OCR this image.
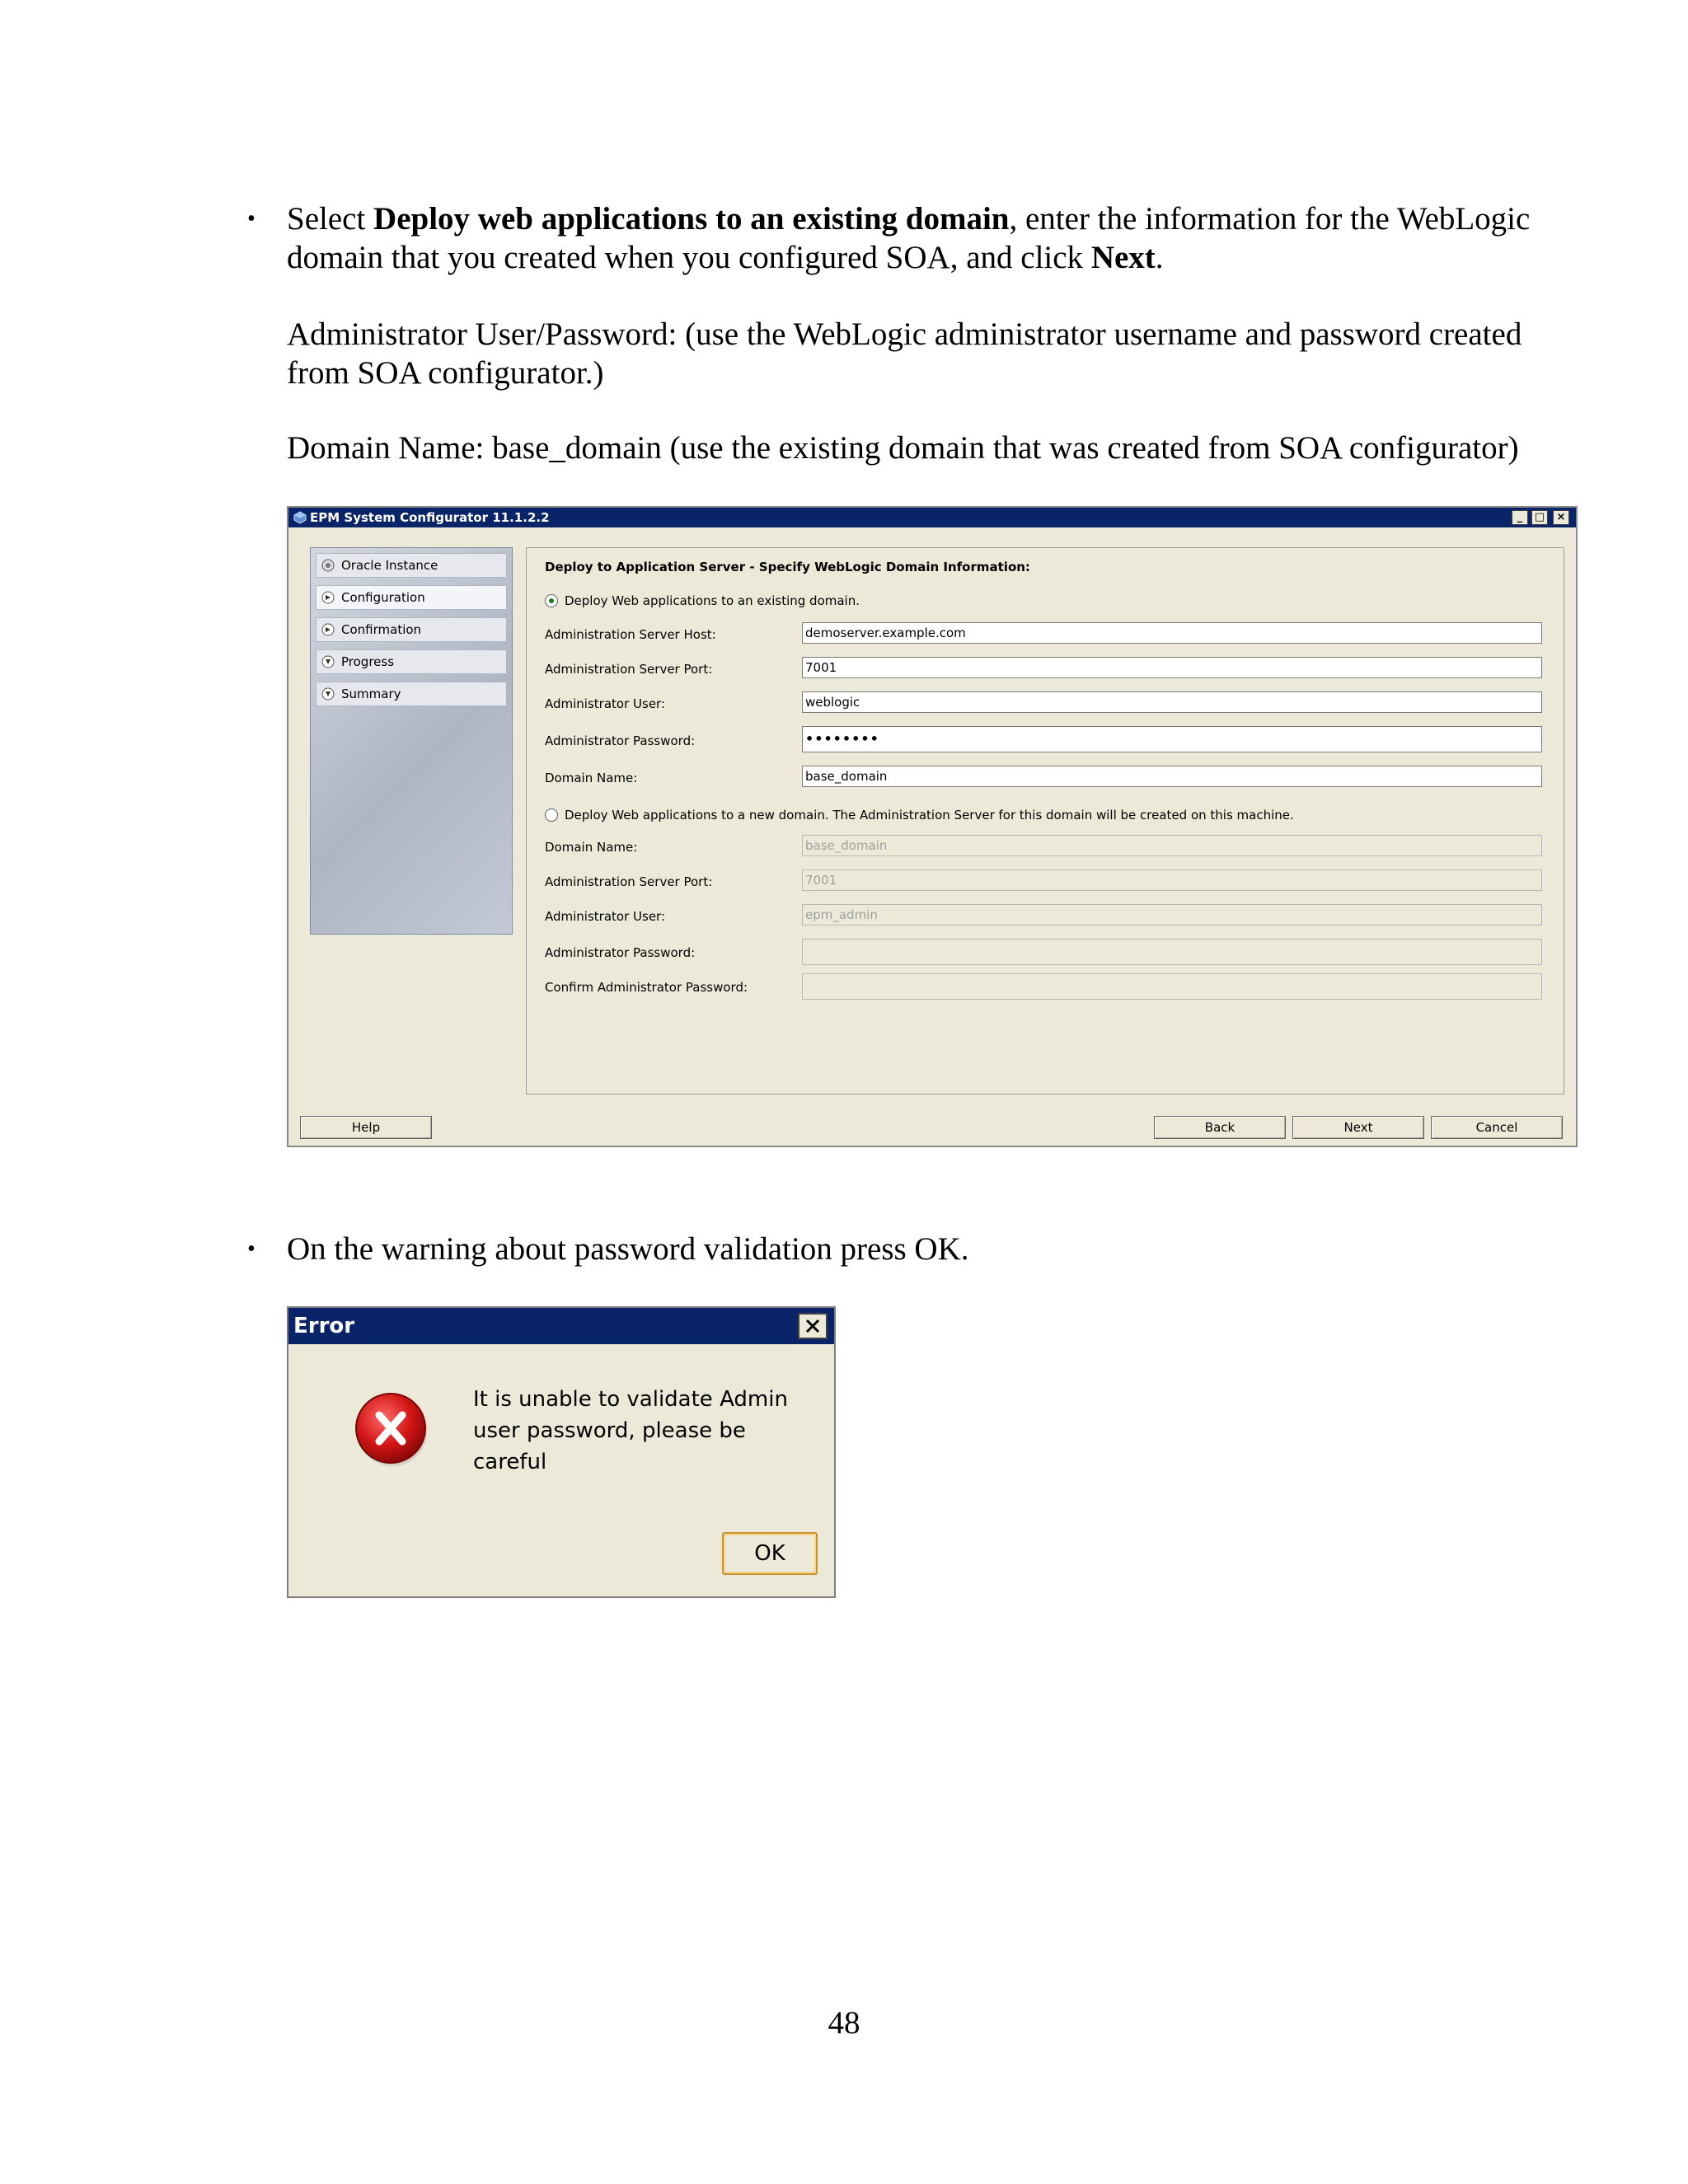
• Select Deploy web applications to an existing domain, enter the information for the WebLogic
domain that you created when you configured SOA, and click Next.
Administrator User/Password: (use the WebLogic administrator username and password created
from SOA configurator.)
Domain Name: base_domain (use the existing domain that was created from SOA configurator)
EPM System Configurator 11.1.2.2	_	□	×
Oracle Instance
Configuration
Confirmation
Progress
Summary
Deploy to Application Server - Specify WebLogic Domain Information:
Deploy Web applications to an existing domain.
Administration Server Host:	demoserver.example.com
Administration Server Port:	7001
Administrator User:	weblogic
Administrator Password:	••••••••
Domain Name:	base_domain
Deploy Web applications to a new domain. The Administration Server for this domain will be created on this machine.
Domain Name:	base_domain
Administration Server Port:	7001
Administrator User:	epm_admin
Administrator Password:
Confirm Administrator Password:
Help	Back	Next	Cancel
• On the warning about password validation press OK.
Error
It is unable to validate Admin
user password, please be
careful
OK
48
